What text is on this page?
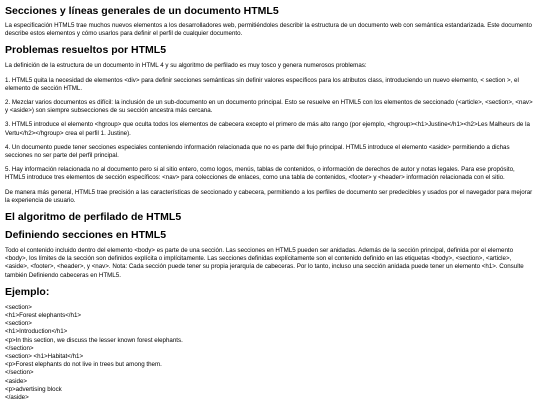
Secciones y líneas generales de un documento HTML5

La especificación HTML5 trae muchos nuevos elementos a los desarrolladores web, permitiéndoles describir la estructura de un documento web con semántica estandarizada. Este documento describe estos elementos y cómo usarlos para definir el perfil de cualquier documento.

Problemas resueltos por HTML5

La definición de la estructura de un documento in HTML 4 y su algoritmo de perfilado es muy tosco y genera numerosos problemas:

1. HTML5 quita la necesidad de elementos <div> para definir secciones semánticas sin definir valores específicos para los atributos class, introduciendo un nuevo elemento, < section >, el elemento de sección HTML.

2. Mezclar varios documentos es difícil: la inclusión de un sub-documento en un documento principal. Esto se resuelve en HTML5 con los elementos de seccionado (<article>, <section>, <nav> y <aside>) son siempre subsecciones de su sección ancestra más cercana.

3. HTML5 introduce el elemento <hgroup> que oculta todos los elementos de cabecera excepto el primero de más alto rango (por ejemplo, <hgroup><h1>Justine</h1><h2>Les Malheurs de la Vertu</h2></hgroup> crea el perfil 1. Justine).

4. Un documento puede tener secciones especiales conteniendo información relacionada que no es parte del flujo principal. HTML5 introduce el elemento <aside> permitiendo a dichas secciones no ser parte del perfil principal.

5. Hay información relacionada no al documento pero si al sitio entero, como logos, menús, tablas de contenidos, o información de derechos de autor y notas legales. Para ese propósito, HTML5 introduce tres elementos de sección específicos: <nav> para colecciones de enlaces, como una tabla de contenidos, <footer> y <header> información relacionada con el sitio.

De manera más general, HTML5 trae precisión a las características de seccionado y cabecera, permitiendo a los perfiles de documento ser predecibles y usados por el navegador para mejorar la experiencia de usuario.

El algoritmo de perfilado de HTML5
Definiendo secciones en HTML5

Todo el contenido incluido dentro del elemento <body> es parte de una sección. Las secciones en HTML5 pueden ser anidadas. Además de la sección principal, definida por el elemento <body>, los límites de la sección son definidos explícita o implícitamente. Las secciones definidas explícitamente son el contenido definido en las etiquetas <body>, <section>, <article>, <aside>, <footer>, <header>, y <nav>. Nota: Cada sección puede tener su propia jerarquía de cabeceras. Por lo tanto, incluso una sección anidada puede tener un elemento <h1>. Consulte también Definiendo cabeceras en HTML5.

Ejemplo:
<section>
<h1>Forest elephants</h1>
<section>
<h1>Introduction</h1>
<p>In this section, we discuss the lesser known forest elephants.
</section>
<section> <h1>Habitat</h1>
<p>Forest elephants do not live in trees but among them.
</section>
<aside>
<p>advertising block
</aside>
